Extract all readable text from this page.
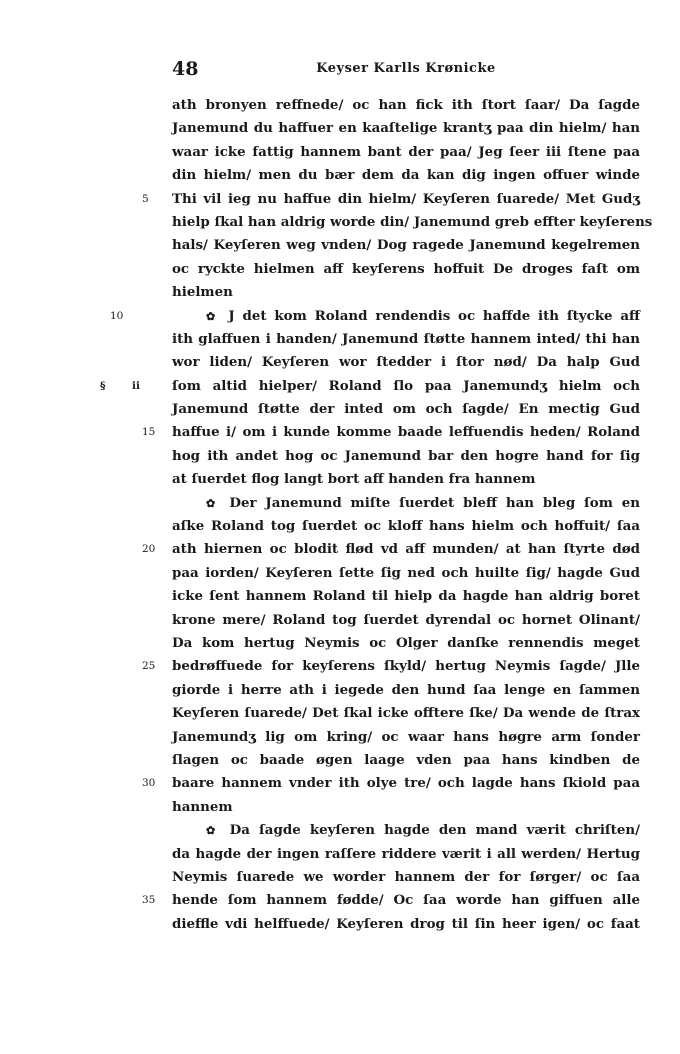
48	Keyser Karlls Krønicke
ath bronyen reffnede/ oc han fick ith ſtort ſaar/ Da ſagde
Janemund du haffuer en kaaſtelige krantʒ paa din hielm/ han
waar icke fattig hannem bant der paa/ Jeg ſeer iii ſtene paa
din hielm/ men du bær dem da kan dig ingen offuer winde
5	Thi vil ieg nu haffue din hielm/ Keyſeren ſuarede/ Met Gudʒ
hielp ſkal han aldrig worde din/ Janemund greb effter keyſerens
hals/ Keyſeren weg vnden/ Dog ragede Janemund kegelremen
oc ryckte hielmen aff keyſerens hoffuit De droges faſt om
hielmen
10	✿ J det kom Roland rendendis oc haffde ith ſtycke aff
ith glaffuen i handen/ Janemund ſtøtte hannem inted/ thi han
wor liden/ Keyſeren wor ſtedder i ſtor nød/ Da halp Gud
§ ii ſom altid hielper/ Roland ſlo paa Janemundʒ hielm och
Janemund ſtøtte der inted om och ſagde/ En mectig Gud
15	haffue i/ om i kunde komme baade leffuendis heden/ Roland
hog ith andet hog oc Janemund bar den hogre hand for ſig
at ſuerdet flog langt bort aff handen fra hannem
✿ Der Janemund miſte ſuerdet bleff han bleg ſom en
aſke Roland tog ſuerdet oc kloff hans hielm och hoffuit/ ſaa
20	ath hiernen oc blodit flød vd aff munden/ at han ſtyrte død
paa iorden/ Keyſeren ſette ſig ned och huilte ſig/ hagde Gud
icke ſent hannem Roland til hielp da hagde han aldrig boret
krone mere/ Roland tog ſuerdet dyrendal oc hornet Olinant/
Da kom hertug Neymis oc Olger danſke rennendis meget
25	bedrøffuede for keyſerens ſkyld/ hertug Neymis ſagde/ Jlle
giorde i herre ath i iegede den hund ſaa lenge en ſammen
Keyſeren ſuarede/ Det ſkal icke offtere ſke/ Da wende de ſtrax
Janemundʒ lig om kring/ oc waar hans høgre arm ſonder
ſlagen oc baade øgen laage vden paa hans kindben de
30	baare hannem vnder ith olye tre/ och lagde hans ſkiold paa
hannem
✿ Da ſagde keyſeren hagde den mand værit chriſten/
da hagde der ingen raſſere riddere værit i all werden/ Hertug
Neymis ſuarede we worder hannem der for ſørger/ oc ſaa
35	hende ſom hannem fødde/ Oc ſaa worde han giffuen alle
dieffle vdi helffuede/ Keyſeren drog til ſin heer igen/ oc faat
